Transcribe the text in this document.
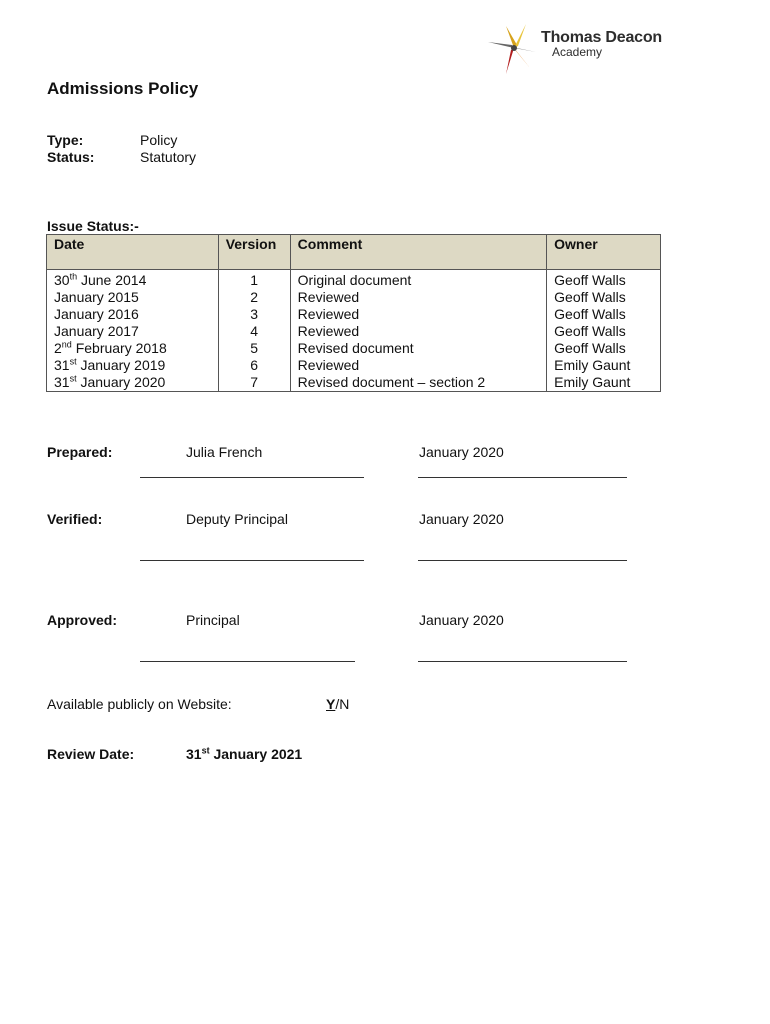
Thomas Deacon
Academy
Admissions Policy
Type:	Policy
Status:	Statutory
Issue Status:-
Date	Version	Comment	Owner
30th June 2014	1	Original document	Geoff Walls
January 2015	2	Reviewed	Geoff Walls
January 2016	3	Reviewed	Geoff Walls
January 2017	4	Reviewed	Geoff Walls
2nd February 2018	5	Revised document	Geoff Walls
31st January 2019	6	Reviewed	Emily Gaunt
31st January 2020	7	Revised document – section 2	Emily Gaunt
Prepared:	Julia French	January 2020
Verified:	Deputy Principal	January 2020
Approved:	Principal	January 2020
Available publicly on Website:	Y/N
Review Date:	31st January 2021
